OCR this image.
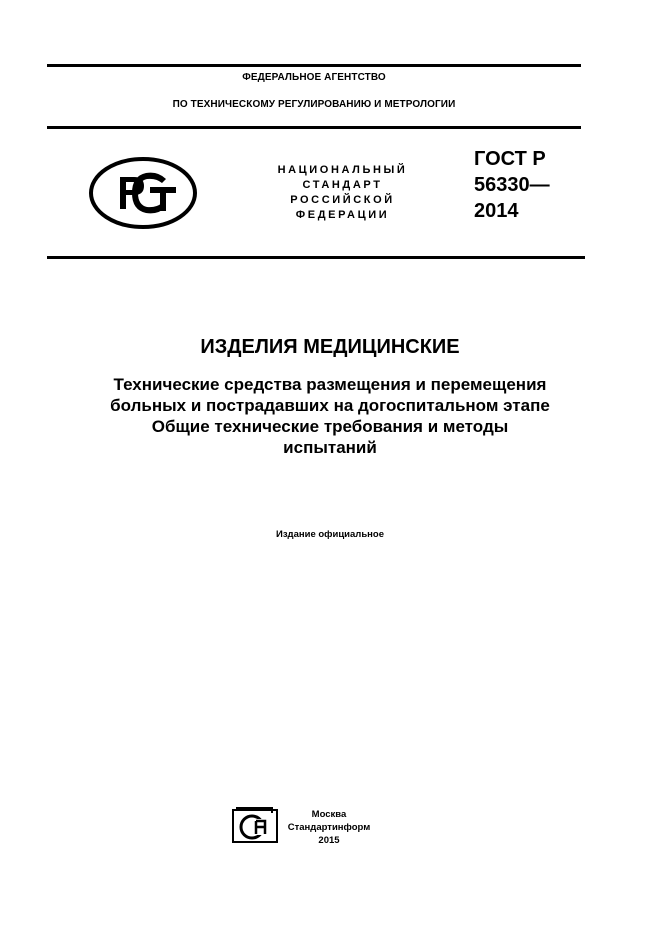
ФЕДЕРАЛЬНОЕ АГЕНТСТВО
ПО ТЕХНИЧЕСКОМУ РЕГУЛИРОВАНИЮ И МЕТРОЛОГИИ
НАЦИОНАЛЬНЫЙ
СТАНДАРТ
РОССИЙСКОЙ
ФЕДЕРАЦИИ
ГОСТ Р
56330—
2014
ИЗДЕЛИЯ МЕДИЦИНСКИЕ
Технические средства размещения и перемещения
больных и пострадавших на догоспитальном этапе
Общие технические требования и методы
испытаний
Издание официальное
Москва
Стандартинформ
2015
